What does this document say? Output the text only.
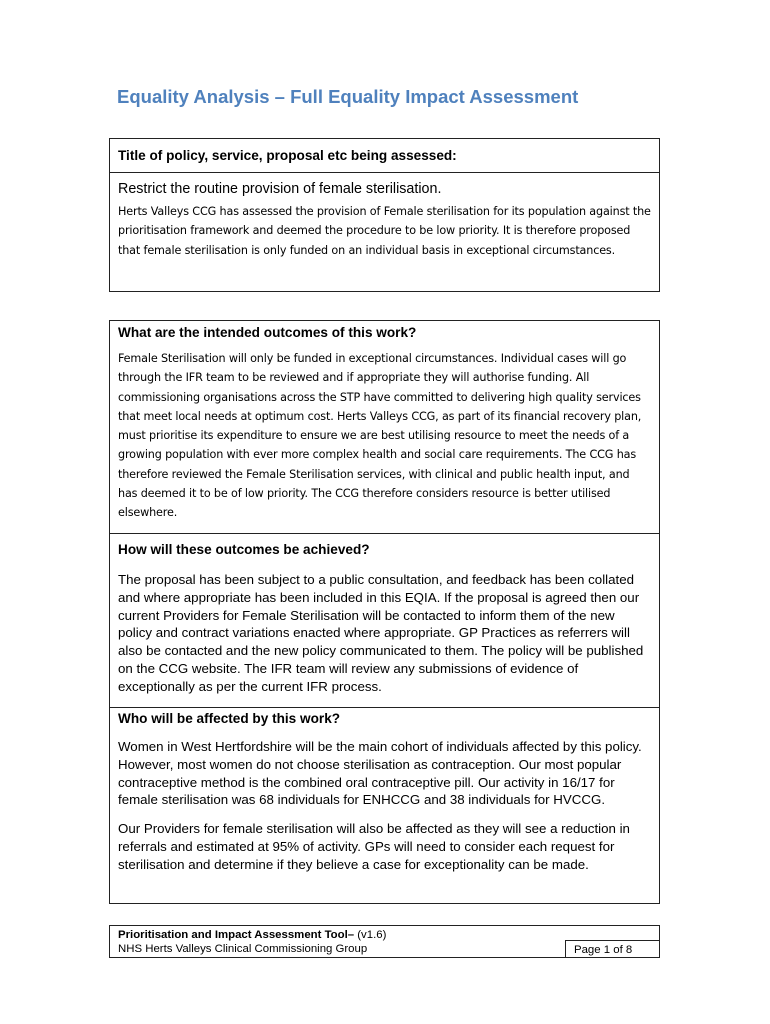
Equality Analysis – Full Equality Impact Assessment
Title of policy, service, proposal etc being assessed:
Restrict the routine provision of female sterilisation.
Herts Valleys CCG has assessed the provision of Female sterilisation for its population against the prioritisation framework and deemed the procedure to be low priority. It is therefore proposed that female sterilisation is only funded on an individual basis in exceptional circumstances.
What are the intended outcomes of this work?
Female Sterilisation will only be funded in exceptional circumstances. Individual cases will go through the IFR team to be reviewed and if appropriate they will authorise funding. All commissioning organisations across the STP have committed to delivering high quality services that meet local needs at optimum cost. Herts Valleys CCG, as part of its financial recovery plan, must prioritise its expenditure to ensure we are best utilising resource to meet the needs of a growing population with ever more complex health and social care requirements. The CCG has therefore reviewed the Female Sterilisation services, with clinical and public health input, and has deemed it to be of low priority. The CCG therefore considers resource is better utilised elsewhere.
How will these outcomes be achieved?
The proposal has been subject to a public consultation, and feedback has been collated and where appropriate has been included in this EQIA. If the proposal is agreed then our current Providers for Female Sterilisation will be contacted to inform them of the new policy and contract variations enacted where appropriate. GP Practices as referrers will also be contacted and the new policy communicated to them. The policy will be published on the CCG website. The IFR team will review any submissions of evidence of exceptionally as per the current IFR process.
Who will be affected by this work?
Women in West Hertfordshire will be the main cohort of individuals affected by this policy. However, most women do not choose sterilisation as contraception. Our most popular contraceptive method is the combined oral contraceptive pill. Our activity in 16/17 for female sterilisation was 68 individuals for ENHCCG and 38 individuals for HVCCG.
Our Providers for female sterilisation will also be affected as they will see a reduction in referrals and estimated at 95% of activity. GPs will need to consider each request for sterilisation and determine if they believe a case for exceptionality can be made.
Prioritisation and Impact Assessment Tool– (v1.6)
NHS Herts Valleys Clinical Commissioning Group	Page 1 of 8
